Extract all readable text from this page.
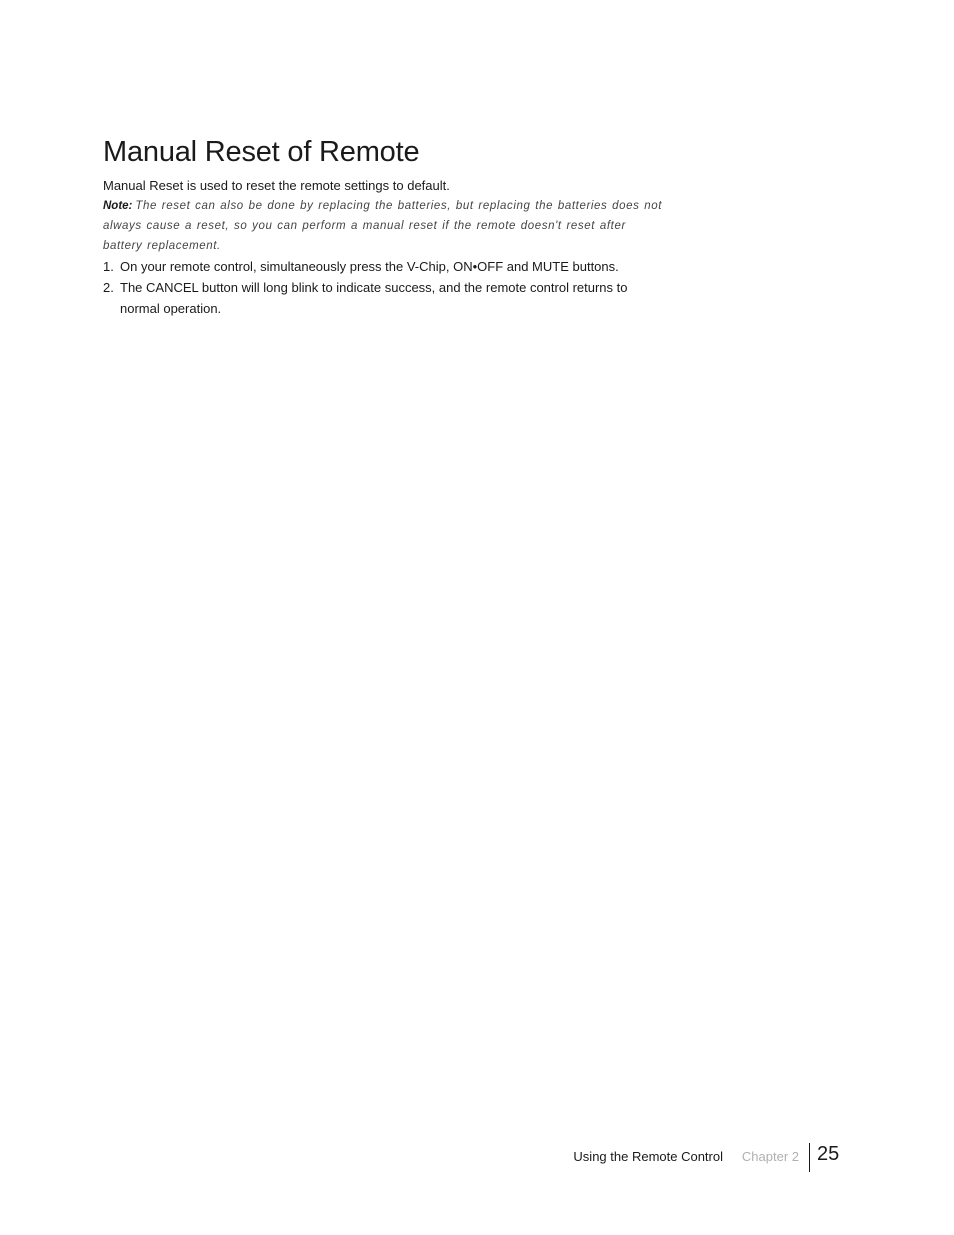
Manual Reset of Remote

Manual Reset is used to reset the remote settings to default.

Note: The reset can also be done by replacing the batteries, but replacing the batteries does not always cause a reset, so you can perform a manual reset if the remote doesn't reset after battery replacement.

1. On your remote control, simultaneously press the V-Chip, ON•OFF and MUTE buttons.
2. The CANCEL button will long blink to indicate success, and the remote control returns to normal operation.
Using the Remote Control Chapter 2 25
